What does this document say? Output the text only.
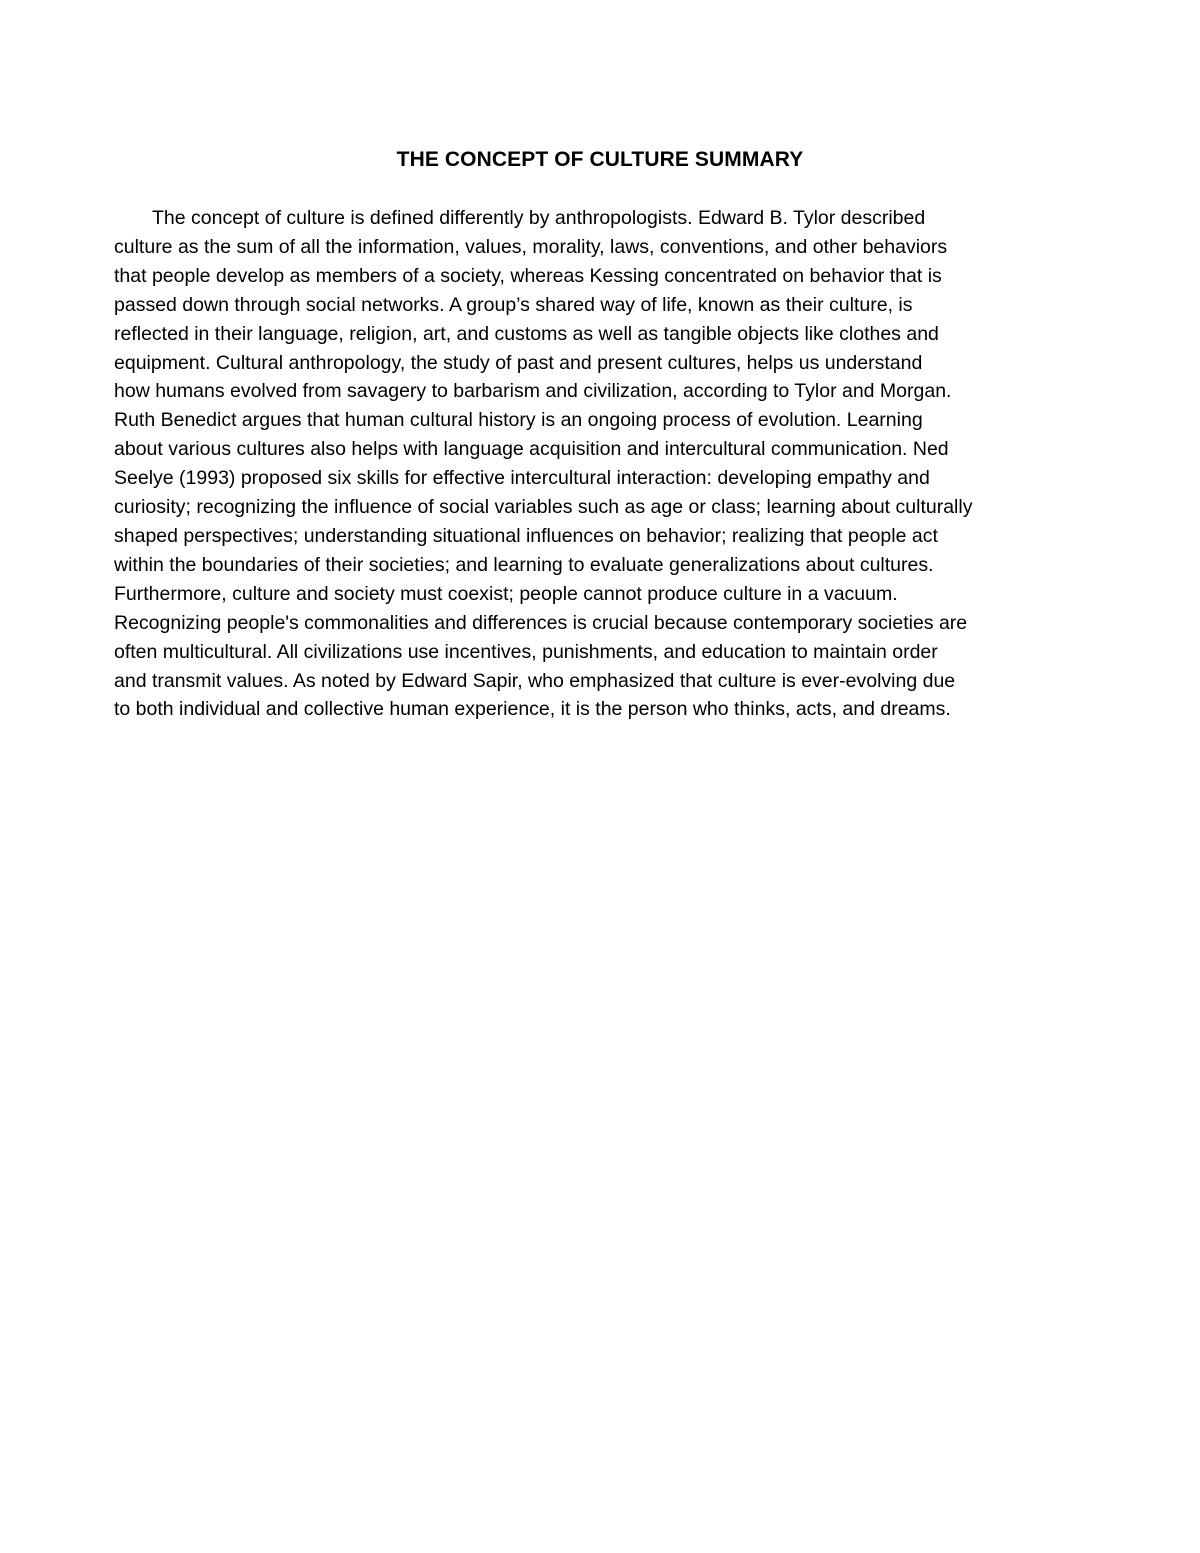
THE CONCEPT OF CULTURE SUMMARY
The concept of culture is defined differently by anthropologists. Edward B. Tylor described
culture as the sum of all the information, values, morality, laws, conventions, and other behaviors
that people develop as members of a society, whereas Kessing concentrated on behavior that is
passed down through social networks. A group’s shared way of life, known as their culture, is
reflected in their language, religion, art, and customs as well as tangible objects like clothes and
equipment. Cultural anthropology, the study of past and present cultures, helps us understand
how humans evolved from savagery to barbarism and civilization, according to Tylor and Morgan.
Ruth Benedict argues that human cultural history is an ongoing process of evolution. Learning
about various cultures also helps with language acquisition and intercultural communication. Ned
Seelye (1993) proposed six skills for effective intercultural interaction: developing empathy and
curiosity; recognizing the influence of social variables such as age or class; learning about culturally
shaped perspectives; understanding situational influences on behavior; realizing that people act
within the boundaries of their societies; and learning to evaluate generalizations about cultures.
Furthermore, culture and society must coexist; people cannot produce culture in a vacuum.
Recognizing people's commonalities and differences is crucial because contemporary societies are
often multicultural. All civilizations use incentives, punishments, and education to maintain order
and transmit values. As noted by Edward Sapir, who emphasized that culture is ever-evolving due
to both individual and collective human experience, it is the person who thinks, acts, and dreams.
